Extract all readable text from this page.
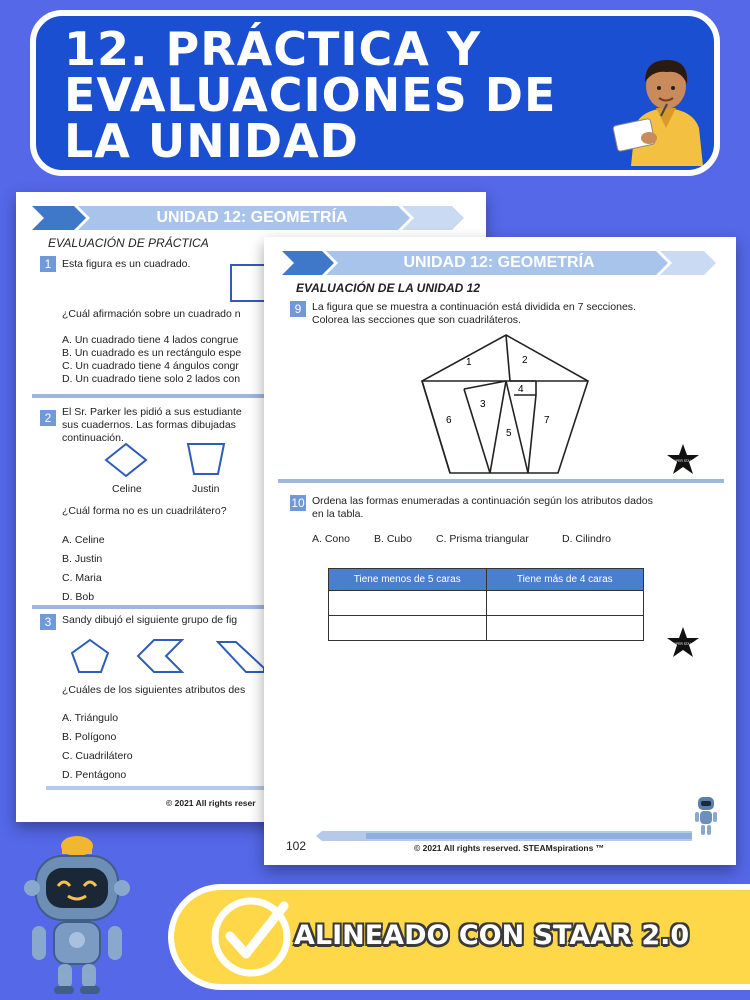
12. PRÁCTICA Y
EVALUACIONES DE
LA UNIDAD
UNIDAD 12: GEOMETRÍA
EVALUACIÓN DE PRÁCTICA
1	Esta figura es un cuadrado.
¿Cuál afirmación sobre un cuadrado n
A. Un cuadrado tiene 4 lados congrue
B. Un cuadrado es un rectángulo espe
C. Un cuadrado tiene 4 ángulos congr
D. Un cuadrado tiene solo 2 lados con
2	El Sr. Parker les pidió a sus estudiante
sus cuadernos. Las formas dibujadas
continuación.
Celine	Justin
¿Cuál forma no es un cuadrilátero?
A. Celine
B. Justin
C. Maria
D. Bob
3	Sandy dibujó el siguiente grupo de fig
¿Cuáles de los siguientes atributos des
A. Triángulo
B. Polígono
C. Cuadrilátero
D. Pentágono
© 2021 All rights reser
UNIDAD 12: GEOMETRÍA
EVALUACIÓN DE LA UNIDAD 12
9	La figura que se muestra a continuación está dividida en 7 secciones.
Colorea las secciones que son cuadriláteros.
1	2
3
4
5
6	7
SUPER STAAR
10 Ordena las formas enumeradas a continuación según los atributos dados
en la tabla.
A. Cono B. Cubo C. Prisma triangular	D. Cilindro
Tiene menos de 5 caras	Tiene más de 4 caras

SUPER STAAR
102	© 2021 All rights reserved. STEAMspirations ™
ALINEADO CON STAAR 2.0
